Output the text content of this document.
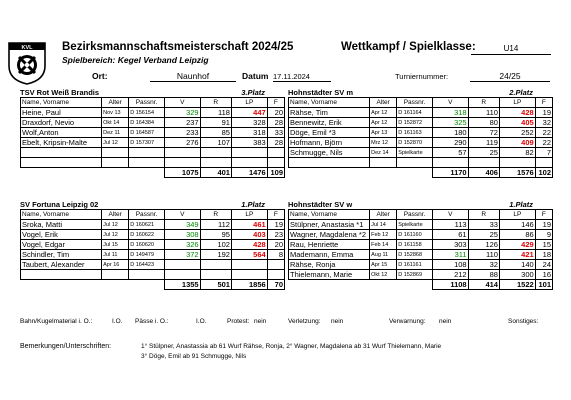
KVL	Bezirksmannschaftsmeisterschaft 2024/25	Wettkampf / Spielklasse:	U14
Spielbereich: Kegel Verband Leipzig
Ort:	Naunhof	Datum 17.11.2024	Turniernummer:	24/25
TSV Rot Weiß Brandis	3.Platz
Name, Vorname	Alter	Passnr.	V	R	LP	F
Heine, Paul	Nov 13	D 156154	329	118	447	20
Draxdorf, Nevio	Okt 14	D 164384	237	91	328	28
Wolf,Anton	Dez 11	D 164587	233	85	318	33
Ebelt, Kripsin-Malte	Jul 12	D 157307	276	107	383	28

			1075	401	1476	109
Hohnstädter SV m	2.Platz
Name, Vorname	Alter	Passnr.	V	R	LP	F
Rähse, Tim	Apr 12	D 161164	318	110	428	19
Bennewitz, Erik	Apr 12	D 152872	325	80	405	32
Döge, Emil *3	Apr 13	D 161163	180	72	252	22
Hofmann, Björn	Mrz 12	D 152870	290	119	409	22
Schmugge, Nils	Dez 14	Spielkarte	57	25	82	7

			1170	406	1576	102
SV Fortuna Leipzig 02	1.Platz
Name, Vorname	Alter	Passnr.	V	R	LP	F
Sroka, Matti	Jul 12	D 160621	349	112	461	19
Vogel, Erik	Jul 12	D 160622	308	95	403	23
Vogel, Edgar	Jul 15	D 160620	326	102	428	20
Schindler, Tim	Jul 11	D 149479	372	192	564	8
Taubert, Alexander	Apr 16	D 164423				

			1355	501	1856	70
Hohnstädter SV w	1.Platz
Name, Vorname	Alter	Passnr.	V	R	LP	F
Stülpner, Anastasia *1	Jul 14	Spielkarte	113	33	146	19
Wagner, Magdalena *2	Feb 12	D 161160	61	25	86	9
Rau, Henriette	Feb 14	D 161158	303	126	429	15
Mademann, Emma	Aug 11	D 152868	311	110	421	18
Rähse, Ronja	Apr 15	D 161161	108	32	140	24
Thielemann, Marie	Okt 12	D 152869	212	88	300	16
			1108	414	1522	101
Bahn/Kugelmaterial i. O.:	I.O. Pässe i. O.:	I.O.	Protest: nein	Verletzung: nein	Verwarnung: nein	Sonstiges:
Bemerkungen/Unterschriften:	1° Stülpner, Anastassia ab 61 Wurf Rähse, Ronja, 2° Wagner, Magdalena ab 31 Wurf Thielemann, Marie
3° Döge, Emil ab 91 Schmugge, Nils
